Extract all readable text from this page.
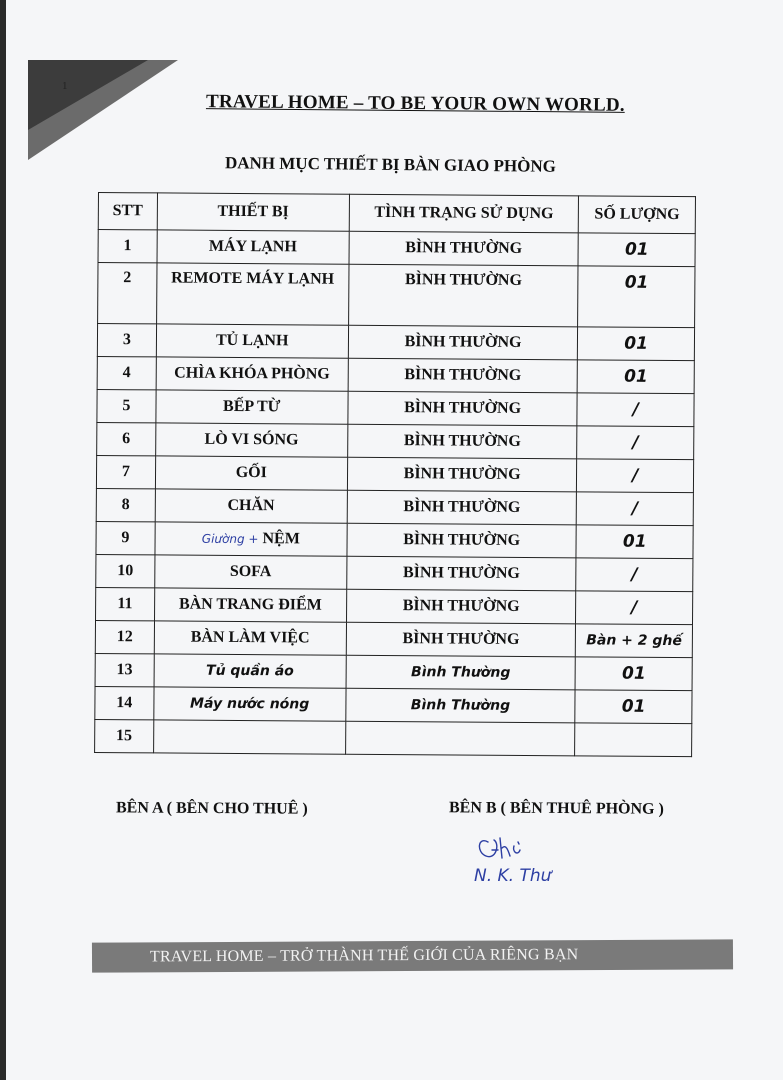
1
TRAVEL HOME – TO BE YOUR OWN WORLD.
DANH MỤC THIẾT BỊ BÀN GIAO PHÒNG
STT	THIẾT BỊ	TÌNH TRẠNG SỬ DỤNG	SỐ LƯỢNG
1	MÁY LẠNH	BÌNH THƯỜNG	01
2	REMOTE MÁY LẠNH	BÌNH THƯỜNG	01
3	TỦ LẠNH	BÌNH THƯỜNG	01
4	CHÌA KHÓA PHÒNG	BÌNH THƯỜNG	01
5	BẾP TỪ	BÌNH THƯỜNG	/
6	LÒ VI SÓNG	BÌNH THƯỜNG	/
7	GỐI	BÌNH THƯỜNG	/
8	CHĂN	BÌNH THƯỜNG	/
9	Giường + NỆM	BÌNH THƯỜNG	01
10	SOFA	BÌNH THƯỜNG	/
11	BÀN TRANG ĐIỂM	BÌNH THƯỜNG	/
12	BÀN LÀM VIỆC	BÌNH THƯỜNG	Bàn + 2 ghế
13	Tủ quần áo	Bình Thường	01
14	Máy nước nóng	Bình Thường	01
15			
BÊN A ( BÊN CHO THUÊ )	BÊN B ( BÊN THUÊ PHÒNG )
N. K. Thư
TRAVEL HOME – TRỞ THÀNH THẾ GIỚI CỦA RIÊNG BẠN
